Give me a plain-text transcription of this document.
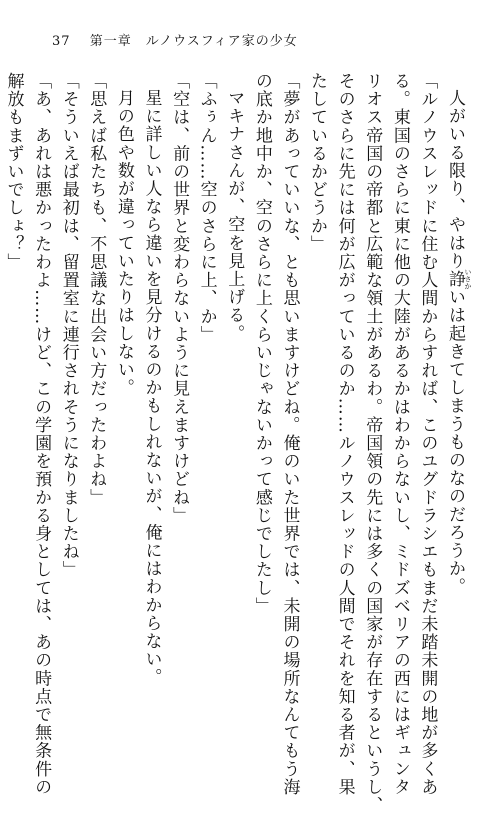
37 第一章　ルノウスフィア家の少女
人がいる限り、やはり諍 いさかいは起きてしまうものなのだろうか。
「ルノウスレッドに住む人間からすれば、このユグドラシエもまだ未踏未開の地が多くあ
る。東国のさらに東に他の大陸があるかはわからないし、ミドズベリアの西にはギュンタ
リオス帝国の帝都と広範な領土があるわ。帝国領の先には多くの国家が存在するというし、
そのさらに先には何が広がっているのか……ルノウスレッドの人間でそれを知る者が、果
たしているかどうか」
「夢があっていいな、とも思いますけどね。俺のいた世界では、未開の場所なんてもう海
の底か地中か、空のさらに上くらいじゃないかって感じでしたし」
マキナさんが、空を見上げる。
「ふぅん……空のさらに上、か」
「空は、前の世界と変わらないように見えますけどね」
星に詳しい人なら違いを見分けるのかもしれないが、俺にはわからない。
月の色や数が違っていたりはしない。
「思えば私たちも、不思議な出会い方だったわよね」
「そういえば最初は、留置室に連行されそうになりましたね」
「あ、あれは悪かったわよ……けど、この学園を預かる身としては、あの時点で無条件の
解放もまずいでしょ？」
